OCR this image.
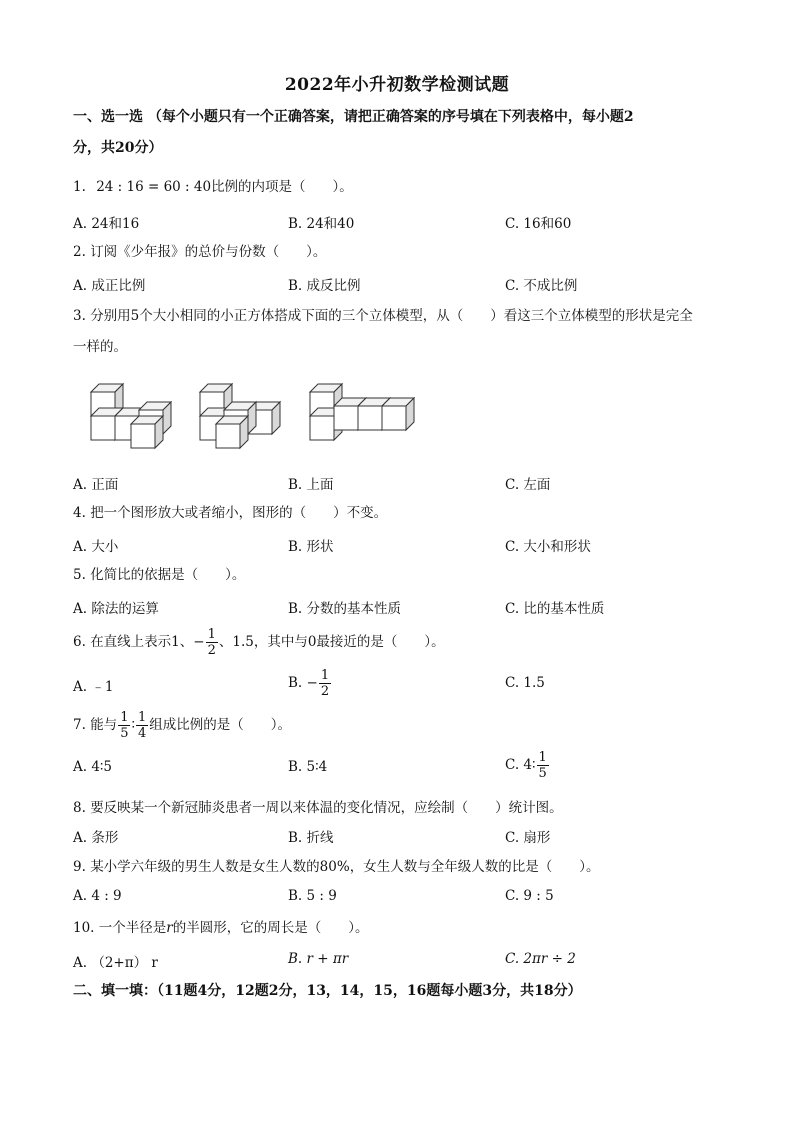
2022年小升初数学检测试题
一、选一选 （每个小题只有一个正确答案，请把正确答案的序号填在下列表格中，每小题2
分，共20分）
1. 24 : 16 = 60 : 40比例的内项是（　　）。
A. 24和16	B. 24和40	C. 16和60
2. 订阅《少年报》的总价与份数（　　）。
A. 成正比例	B. 成反比例	C. 不成比例
3. 分别用5个大小相同的小正方体搭成下面的三个立体模型，从（　　）看这三个立体模型的形状是完全
一样的。
A. 正面	B. 上面	C. 左面
4. 把一个图形放大或者缩小，图形的（　　）不变。
A. 大小	B. 形状	C. 大小和形状
5. 化简比的依据是（　　）。
A. 除法的运算	B. 分数的基本性质	C. 比的基本性质
6. 在直线上表示1、− $\frac{1}{2}$ 、1.5，其中与0最接近的是（　　）。
A. ﹣1	B. − $\frac{1}{2}$	C. 1.5
7. 能与 $\frac{1}{5}$ ∶ $\frac{1}{4}$ 组成比例的是（　　）。
A. 4∶5	B. 5∶4	C. 4∶ $\frac{1}{5}$
8. 要反映某一个新冠肺炎患者一周以来体温的变化情况，应绘制（　　）统计图。
A. 条形	B. 折线	C. 扇形
9. 某小学六年级的男生人数是女生人数的80%，女生人数与全年级人数的比是（　　）。
A. 4 : 9	B. 5 : 9	C. 9 : 5
10. 一个半径是r的半圆形，它的周长是（　　）。
A. （2+π） r	B. r + πr	C. 2πr ÷ 2
二、填一填：（11题4分，12题2分，13，14，15，16题每小题3分，共18分）
